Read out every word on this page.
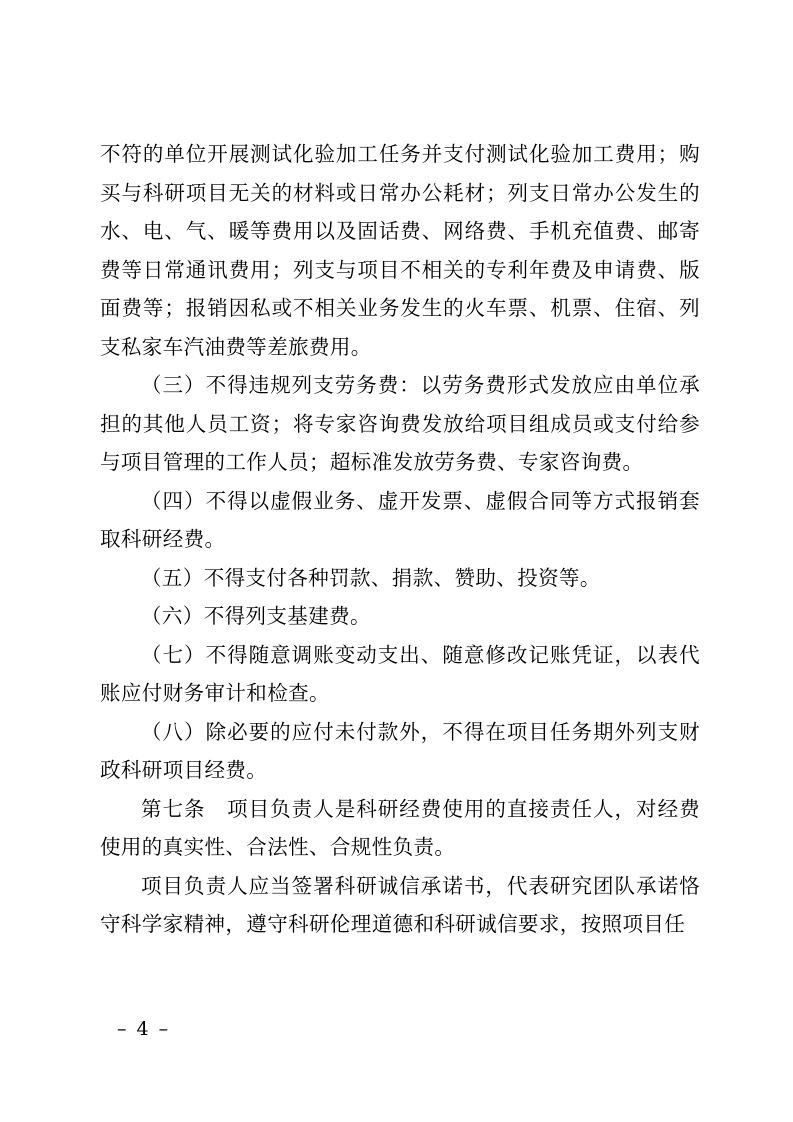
不符的单位开展测试化验加工任务并支付测试化验加工费用；购买与科研项目无关的材料或日常办公耗材；列支日常办公发生的水、电、气、暖等费用以及固话费、网络费、手机充值费、邮寄费等日常通讯费用；列支与项目不相关的专利年费及申请费、版面费等；报销因私或不相关业务发生的火车票、机票、住宿、列支私家车汽油费等差旅费用。

（三）不得违规列支劳务费：以劳务费形式发放应由单位承担的其他人员工资；将专家咨询费发放给项目组成员或支付给参与项目管理的工作人员；超标准发放劳务费、专家咨询费。

（四）不得以虚假业务、虚开发票、虚假合同等方式报销套取科研经费。

（五）不得支付各种罚款、捐款、赞助、投资等。

（六）不得列支基建费。

（七）不得随意调账变动支出、随意修改记账凭证，以表代账应付财务审计和检查。

（八）除必要的应付未付款外，不得在项目任务期外列支财政科研项目经费。

第七条　项目负责人是科研经费使用的直接责任人，对经费使用的真实性、合法性、合规性负责。

项目负责人应当签署科研诚信承诺书，代表研究团队承诺恪守科学家精神，遵守科研伦理道德和科研诚信要求，按照项目任

– 4 –
